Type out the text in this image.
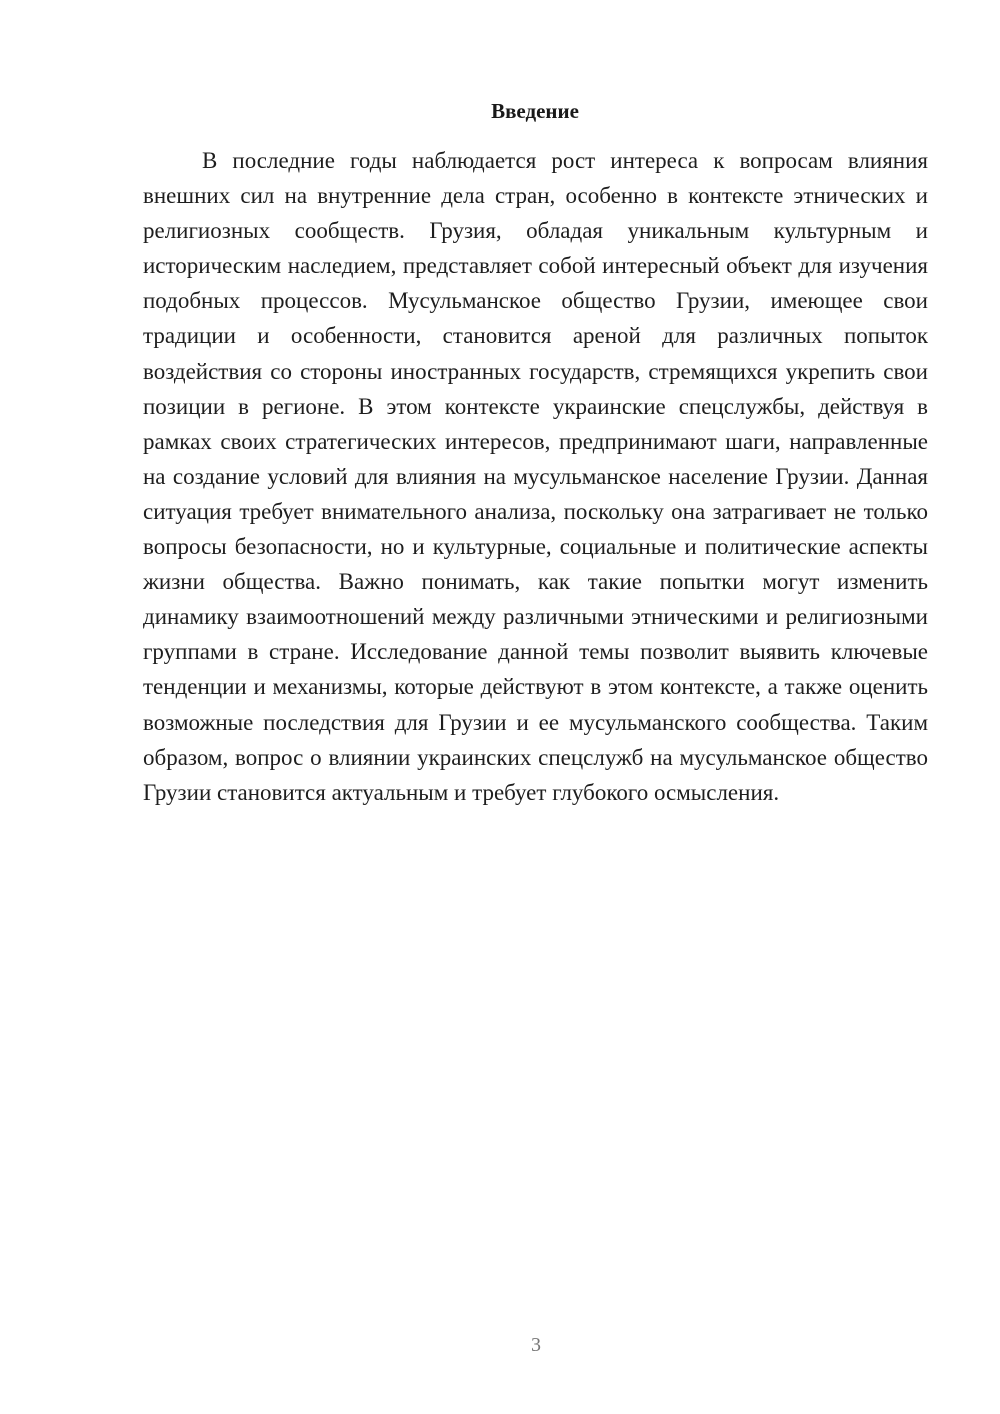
Введение

В последние годы наблюдается рост интереса к вопросам влияния внешних сил на внутренние дела стран, особенно в контексте этнических и религиозных сообществ. Грузия, обладая уникальным культурным и историческим наследием, представляет собой интересный объект для изучения подобных процессов. Мусульманское общество Грузии, имеющее свои традиции и особенности, становится ареной для различных попыток воздействия со стороны иностранных государств, стремящихся укрепить свои позиции в регионе. В этом контексте украинские спецслужбы, действуя в рамках своих стратегических интересов, предпринимают шаги, направленные на создание условий для влияния на мусульманское население Грузии. Данная ситуация требует внимательного анализа, поскольку она затрагивает не только вопросы безопасности, но и культурные, социальные и политические аспекты жизни общества. Важно понимать, как такие попытки могут изменить динамику взаимоотношений между различными этническими и религиозными группами в стране. Исследование данной темы позволит выявить ключевые тенденции и механизмы, которые действуют в этом контексте, а также оценить возможные последствия для Грузии и ее мусульманского сообщества. Таким образом, вопрос о влиянии украинских спецслужб на мусульманское общество Грузии становится актуальным и требует глубокого осмысления.

3
